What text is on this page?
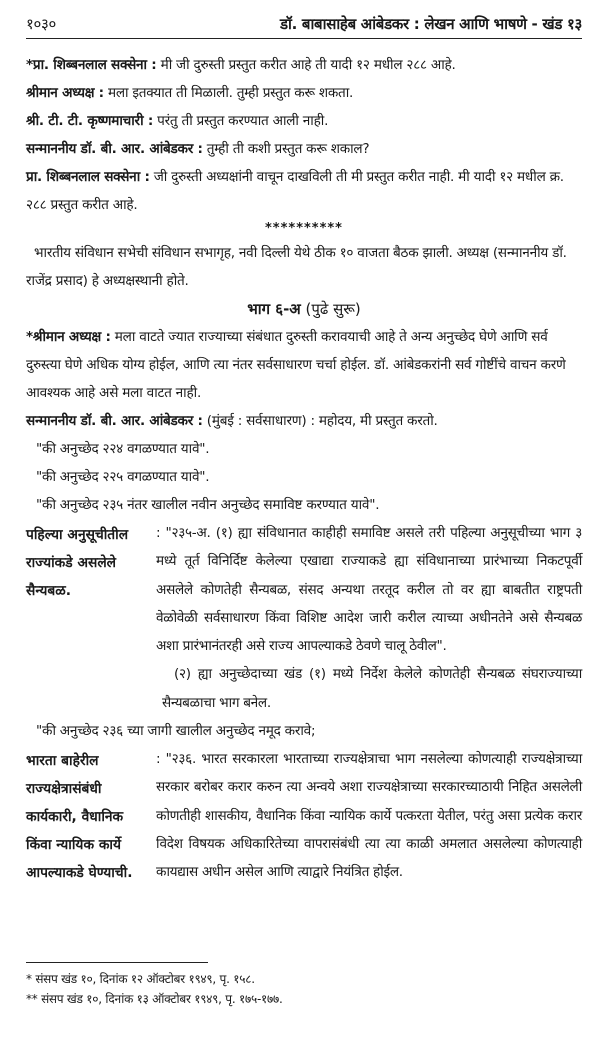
१०३०	डॉ. बाबासाहेब आंबेडकर : लेखन आणि भाषणे - खंड १३

*प्रा. शिब्बनलाल सक्सेना : मी जी दुरुस्ती प्रस्तुत करीत आहे ती यादी १२ मधील २८८ आहे.

श्रीमान अध्यक्ष : मला इतक्यात ती मिळाली. तुम्ही प्रस्तुत करू शकता.

श्री. टी. टी. कृष्णमाचारी : परंतु ती प्रस्तुत करण्यात आली नाही.

सन्माननीय डॉ. बी. आर. आंबेडकर : तुम्ही ती कशी प्रस्तुत करू शकाल?

प्रा. शिब्बनलाल सक्सेना : जी दुरुस्ती अध्यक्षांनी वाचून दाखविली ती मी प्रस्तुत करीत नाही. मी यादी १२ मधील क्र. २८८ प्रस्तुत करीत आहे.

**********

भारतीय संविधान सभेची संविधान सभागृह, नवी दिल्ली येथे ठीक १० वाजता बैठक झाली. अध्यक्ष (सन्माननीय डॉ. राजेंद्र प्रसाद) हे अध्यक्षस्थानी होते.

भाग ६-अ (पुढे सुरू)

*श्रीमान अध्यक्ष : मला वाटते ज्यात राज्याच्या संबंधात दुरुस्ती करावयाची आहे ते अन्य अनुच्छेद घेणे आणि सर्व दुरुस्त्या घेणे अधिक योग्य होईल, आणि त्या नंतर सर्वसाधारण चर्चा होईल. डॉ. आंबेडकरांनी सर्व गोष्टींचे वाचन करणे आवश्यक आहे असे मला वाटत नाही.

सन्माननीय डॉ. बी. आर. आंबेडकर : (मुंबई : सर्वसाधारण) : महोदय, मी प्रस्तुत करतो.

"की अनुच्छेद २२४ वगळण्यात यावे".

"की अनुच्छेद २२५ वगळण्यात यावे".

"की अनुच्छेद २३५ नंतर खालील नवीन अनुच्छेद समाविष्ट करण्यात यावे".

पहिल्या अनुसूचीतील
राज्यांकडे असलेले
सैन्यबळ.
: "२३५-अ. (१) ह्या संविधानात काहीही समाविष्ट असले तरी पहिल्या अनुसूचीच्या भाग ३ मध्ये तूर्त विनिर्दिष्ट केलेल्या एखाद्या राज्याकडे ह्या संविधानाच्या प्रारंभाच्या निकटपूर्वी असलेले कोणतेही सैन्यबळ, संसद अन्यथा तरतूद करील तो वर ह्या बाबतीत राष्ट्रपती वेळोवेळी सर्वसाधारण किंवा विशिष्ट आदेश जारी करील त्याच्या अधीनतेने असे सैन्यबळ अशा प्रारंभानंतरही असे राज्य आपल्याकडे ठेवणे चालू ठेवील".
(२) ह्या अनुच्छेदाच्या खंड (१) मध्ये निर्देश केलेले कोणतेही सैन्यबळ संघराज्याच्या सैन्यबळाचा भाग बनेल.

"की अनुच्छेद २३६ च्या जागी खालील अनुच्छेद नमूद करावे;

भारता बाहेरील
राज्यक्षेत्रासंबंधी
कार्यकारी, वैधानिक
किंवा न्यायिक कार्ये
आपल्याकडे घेण्याची.
: "२३६. भारत सरकारला भारताच्या राज्यक्षेत्राचा भाग नसलेल्या कोणत्याही राज्यक्षेत्राच्या सरकार बरोबर करार करुन त्या अन्वये अशा राज्यक्षेत्राच्या सरकारच्याठायी निहित असलेली कोणतीही शासकीय, वैधानिक किंवा न्यायिक कार्ये पत्करता येतील, परंतु असा प्रत्येक करार विदेश विषयक अधिकारितेच्या वापरासंबंधी त्या त्या काळी अमलात असलेल्या कोणत्याही कायद्यास अधीन असेल आणि त्याद्वारे नियंत्रित होईल.

* संसप खंड १०, दिनांक १२ ऑक्टोबर १९४९, पृ. १५८.

** संसप खंड १०, दिनांक १३ ऑक्टोबर १९४९, पृ. १७५-१७७.
